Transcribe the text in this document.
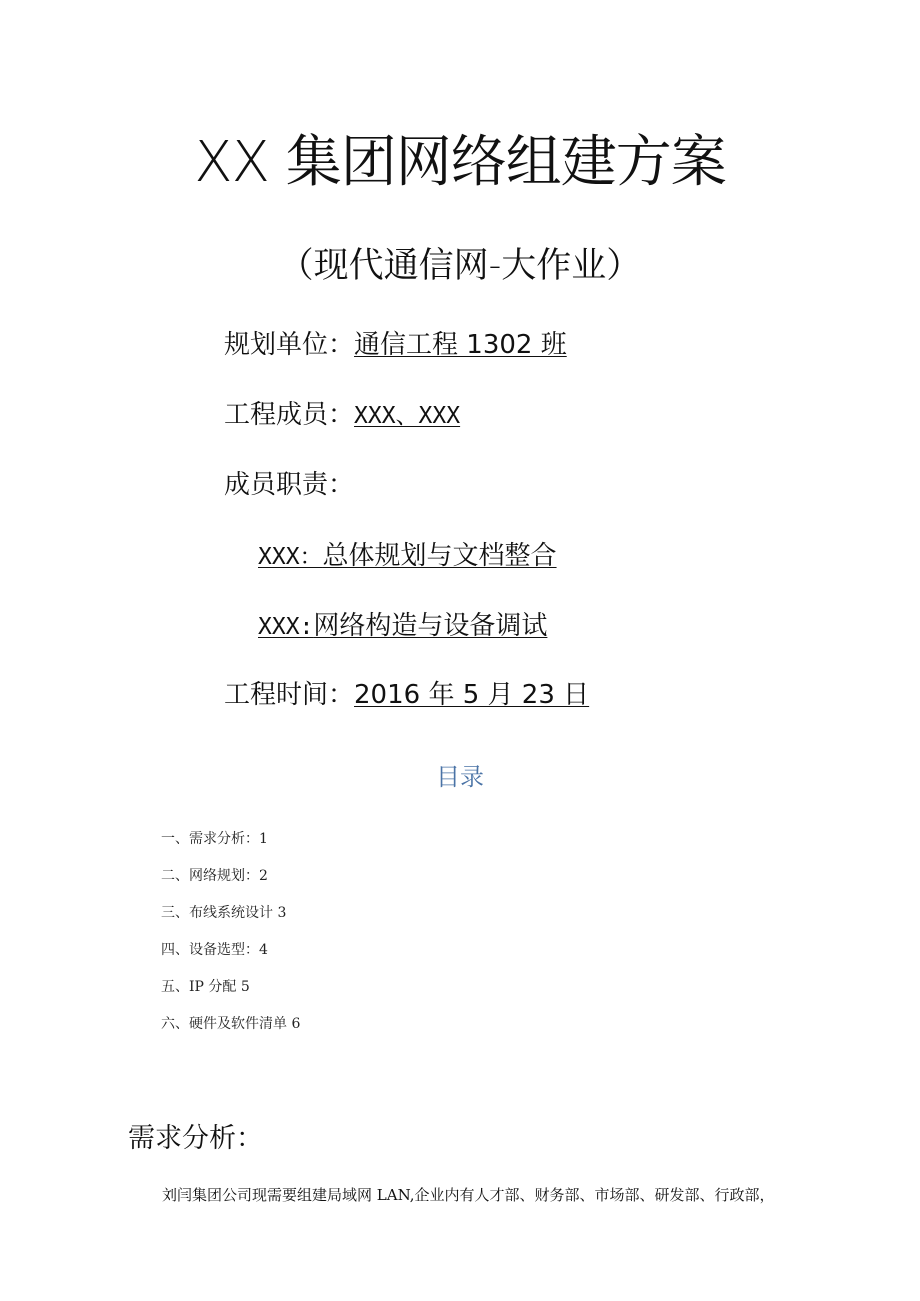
XX 集团网络组建方案
（现代通信网-大作业）
规划单位：通信工程 1302 班
工程成员：XXX、XXX
成员职责：
XXX：总体规划与文档整合
XXX:网络构造与设备调试
工程时间：2016 年 5 月 23 日
目录
一、需求分析：1
二、网络规划：2
三、布线系统设计 3
四、设备选型：4
五、IP 分配 5
六、硬件及软件清单 6
需求分析：
刘闫集团公司现需要组建局域网 LAN,企业内有人才部、财务部、市场部、研发部、行政部，
